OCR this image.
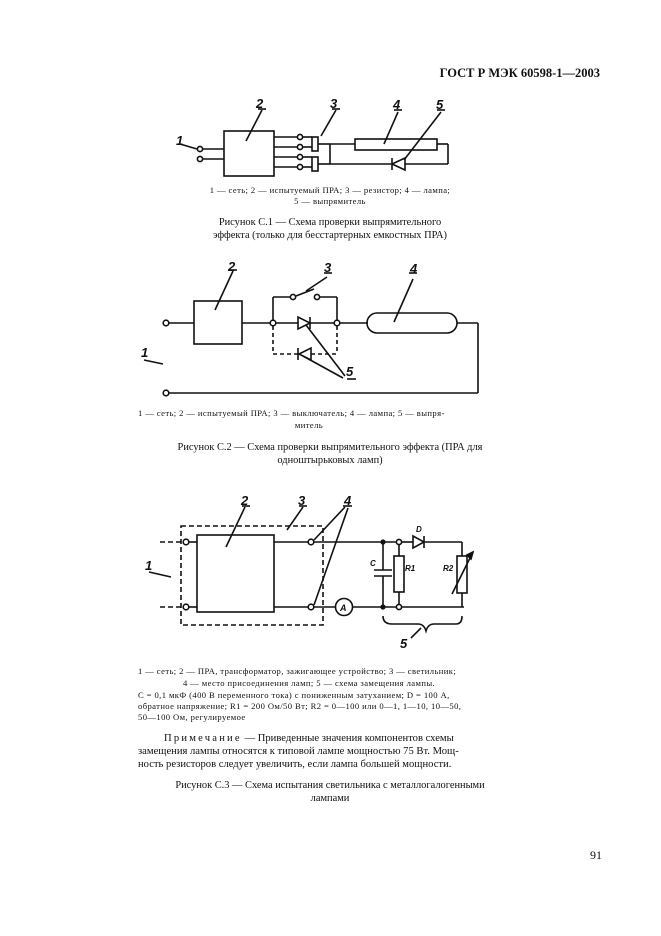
ГОСТ Р МЭК 60598-1—2003
1
2	3	4	5
1 — сеть; 2 — испытуемый ПРА; 3 — резистор; 4 — лампа;
5 — выпрямитель
Рисунок С.1 — Схема проверки выпрямительного
эффекта (только для бесстартерных емкостных ПРА)
1
2	3	4
5
1 — сеть; 2 — испытуемый ПРА; 3 — выключатель; 4 — лампа; 5 — выпря-
митель
Рисунок С.2 — Схема проверки выпрямительного эффекта (ПРА для
одноштырьковых ламп)
1
2	3	4
5
D
C
R1	R2
A
1 — сеть; 2 — ПРА, трансформатор, зажигающее устройство; 3 — светильник;
4 — место присоединения ламп; 5 — схема замещения лампы.
C = 0,1 мкФ (400 В переменного тока) с пониженным затуханием; D = 100 А,
обратное напряжение; R1 = 200 Ом/50 Вт; R2 = 0—100 или 0—1, 1—10, 10—50,
50—100 Ом, регулируемое
Примечание — Приведенные значения компонентов схемы
замещения лампы относятся к типовой лампе мощностью 75 Вт. Мощ-
ность резисторов следует увеличить, если лампа большей мощности.
Рисунок С.3 — Схема испытания светильника с металлогалогенными
лампами
91
